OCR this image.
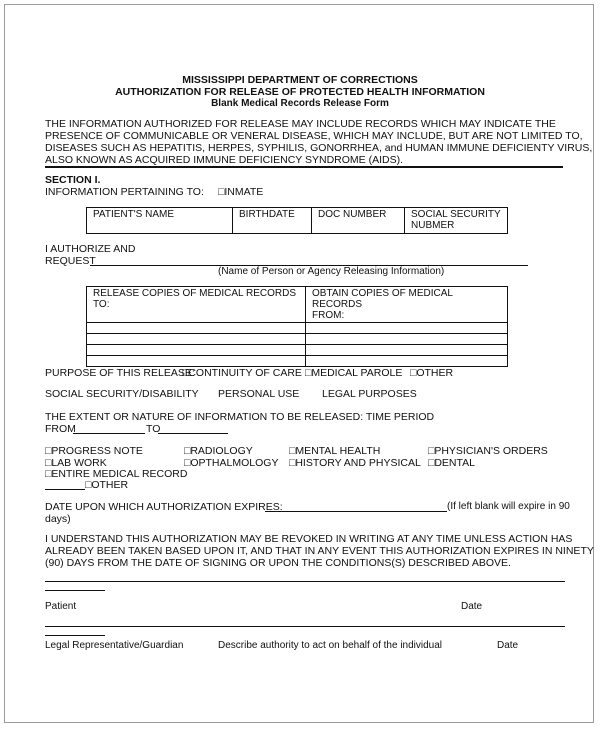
MISSISSIPPI DEPARTMENT OF CORRECTIONS
AUTHORIZATION FOR RELEASE OF PROTECTED HEALTH INFORMATION
Blank Medical Records Release Form
THE INFORMATION AUTHORIZED FOR RELEASE MAY INCLUDE RECORDS WHICH MAY INDICATE THE
PRESENCE OF COMMUNICABLE OR VENERAL DISEASE, WHICH MAY INCLUDE, BUT ARE NOT LIMITED TO,
DISEASES SUCH AS HEPATITIS, HERPES, SYPHILIS, GONORRHEA, and HUMAN IMMUNE DEFICIENTY VIRUS,
ALSO KNOWN AS ACQUIRED IMMUNE DEFICIENCY SYNDROME (AIDS).
SECTION I.
INFORMATION PERTAINING TO: □INMATE
PATIENT'S NAME	BIRTHDATE	DOC NUMBER	SOCIAL SECURITY
NUBMER
I AUTHORIZE AND
REQUEST
(Name of Person or Agency Releasing Information)
RELEASE COPIES OF MEDICAL RECORDS
TO:	OBTAIN COPIES OF MEDICAL RECORDS
FROM:

PURPOSE OF THIS RELEASE:
□CONTINUITY OF CARE □MEDICAL PAROLE □OTHER
SOCIAL SECURITY/DISABILITY PERSONAL USE LEGAL PURPOSES
THE EXTENT OR NATURE OF INFORMATION TO BE RELEASED: TIME PERIOD
FROM	TO
□PROGRESS NOTE	□RADIOLOGY	□MENTAL HEALTH	□PHYSICIAN'S ORDERS
□LAB WORK	□OPTHALMOLOGY □HISTORY AND PHYSICAL □DENTAL
□ENTIRE MEDICAL RECORD
□OTHER
DATE UPON WHICH AUTHORIZATION EXPIRES:	(If left blank will expire in 90
days)
I UNDERSTAND THIS AUTHORIZATION MAY BE REVOKED IN WRITING AT ANY TIME UNLESS ACTION HAS
ALREADY BEEN TAKEN BASED UPON IT, AND THAT IN ANY EVENT THIS AUTHORIZATION EXPIRES IN NINETY
(90) DAYS FROM THE DATE OF SIGNING OR UPON THE CONDITIONS(S) DESCRIBED ABOVE.
Patient	Date
Legal Representative/Guardian	Describe authority to act on behalf of the individual	Date
